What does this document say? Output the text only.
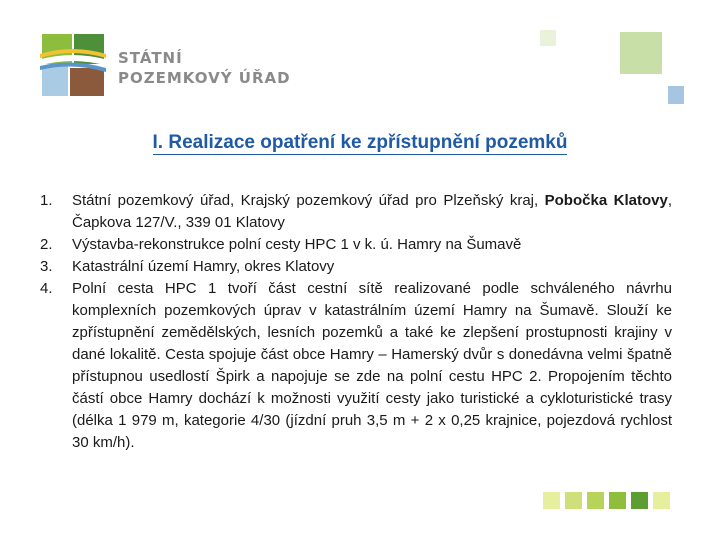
STÁTNÍ
POZEMKOVÝ ÚŘAD
I. Realizace opatření ke zpřístupnění pozemků
1. Státní pozemkový úřad, Krajský pozemkový úřad pro Plzeňský kraj, Pobočka Klatovy, Čapkova 127/V., 339 01 Klatovy
2. Výstavba-rekonstrukce polní cesty HPC 1 v k. ú. Hamry na Šumavě
3. Katastrální území Hamry, okres Klatovy
4. Polní cesta HPC 1 tvoří část cestní sítě realizované podle schváleného návrhu komplexních pozemkových úprav v katastrálním území Hamry na Šumavě. Slouží ke zpřístupnění zemědělských, lesních pozemků a také ke zlepšení prostupnosti krajiny v dané lokalitě. Cesta spojuje část obce Hamry – Hamerský dvůr s donedávna velmi špatně přístupnou usedlostí Špirk a napojuje se zde na polní cestu HPC 2. Propojením těchto částí obce Hamry dochází k možnosti využití cesty jako turistické a cykloturistické trasy (délka 1 979 m, kategorie 4/30 (jízdní pruh 3,5 m + 2 x 0,25 krajnice, pojezdová rychlost 30 km/h).
